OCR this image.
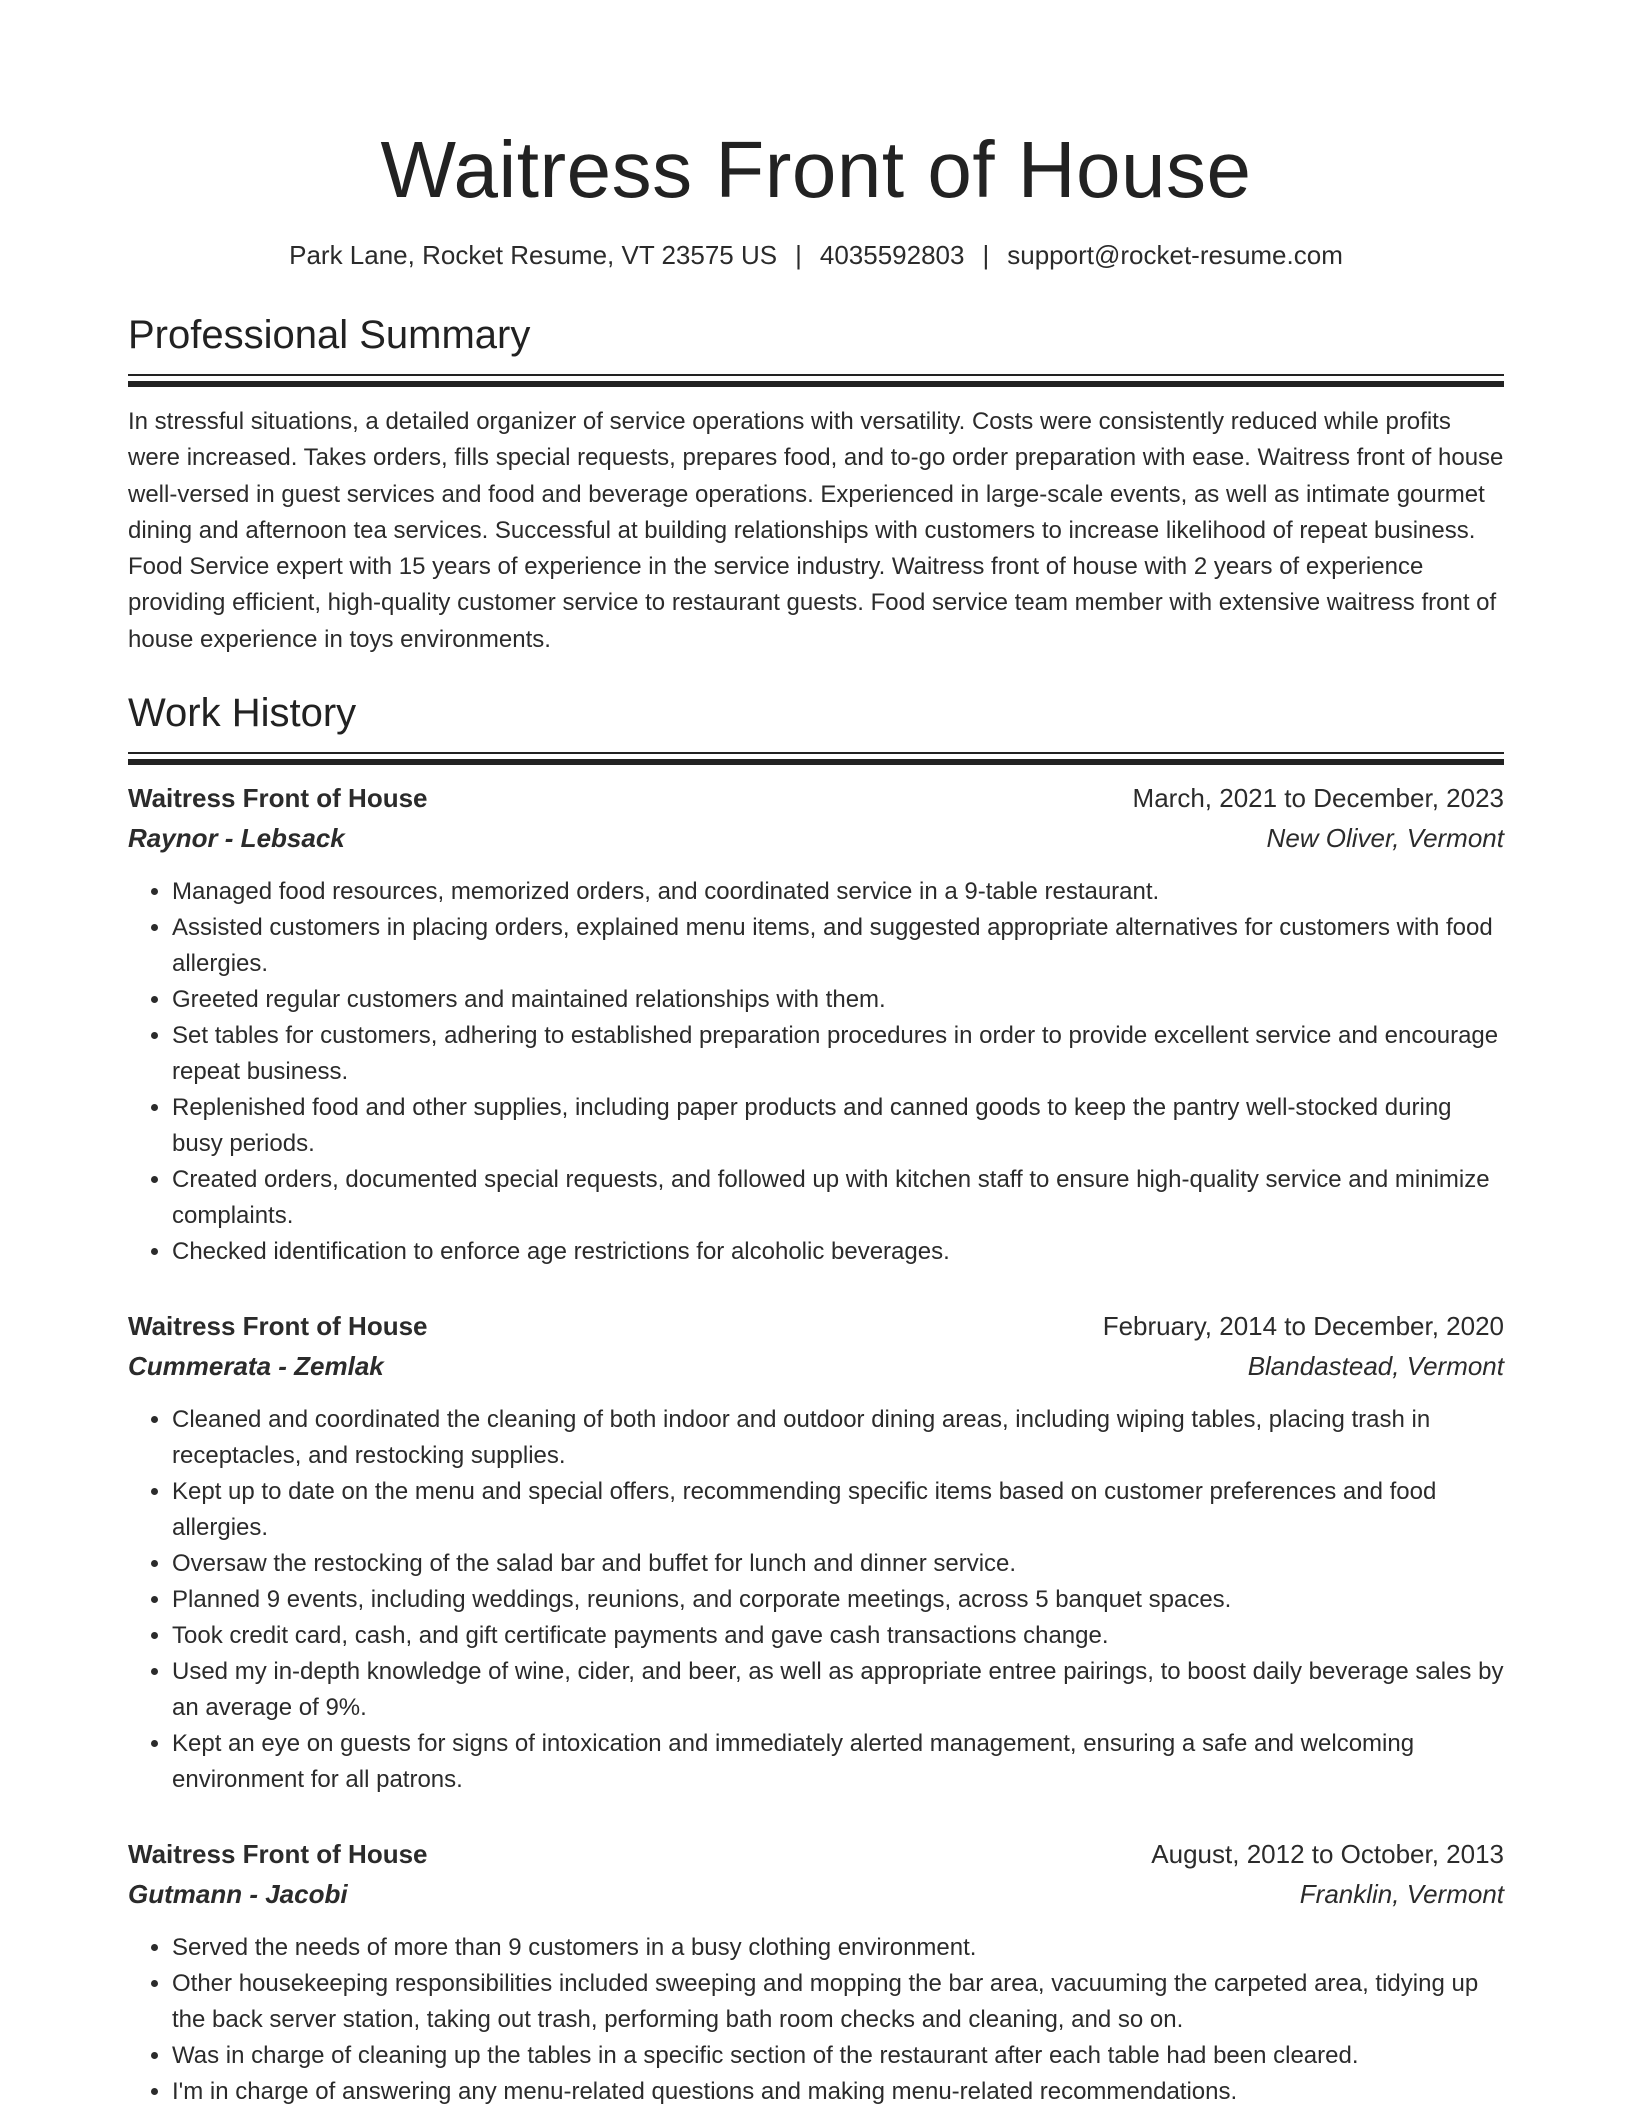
Waitress Front of House
Park Lane, Rocket Resume, VT 23575 US | 4035592803 | support@rocket-resume.com
Professional Summary

In stressful situations, a detailed organizer of service operations with versatility. Costs were consistently reduced while profits were increased. Takes orders, fills special requests, prepares food, and to-go order preparation with ease. Waitress front of house well-versed in guest services and food and beverage operations. Experienced in large-scale events, as well as intimate gourmet dining and afternoon tea services. Successful at building relationships with customers to increase likelihood of repeat business. Food Service expert with 15 years of experience in the service industry. Waitress front of house with 2 years of experience providing efficient, high-quality customer service to restaurant guests. Food service team member with extensive waitress front of house experience in toys environments.

Work History
Waitress Front of House	March, 2021 to December, 2023
Raynor - Lebsack	New Oliver, Vermont
• Managed food resources, memorized orders, and coordinated service in a 9-table restaurant.
• Assisted customers in placing orders, explained menu items, and suggested appropriate alternatives for customers with food allergies.
• Greeted regular customers and maintained relationships with them.
• Set tables for customers, adhering to established preparation procedures in order to provide excellent service and encourage repeat business.
• Replenished food and other supplies, including paper products and canned goods to keep the pantry well-stocked during busy periods.
• Created orders, documented special requests, and followed up with kitchen staff to ensure high-quality service and minimize complaints.
• Checked identification to enforce age restrictions for alcoholic beverages.
Waitress Front of House	February, 2014 to December, 2020
Cummerata - Zemlak	Blandastead, Vermont
• Cleaned and coordinated the cleaning of both indoor and outdoor dining areas, including wiping tables, placing trash in receptacles, and restocking supplies.
• Kept up to date on the menu and special offers, recommending specific items based on customer preferences and food allergies.
• Oversaw the restocking of the salad bar and buffet for lunch and dinner service.
• Planned 9 events, including weddings, reunions, and corporate meetings, across 5 banquet spaces.
• Took credit card, cash, and gift certificate payments and gave cash transactions change.
• Used my in-depth knowledge of wine, cider, and beer, as well as appropriate entree pairings, to boost daily beverage sales by an average of 9%.
• Kept an eye on guests for signs of intoxication and immediately alerted management, ensuring a safe and welcoming environment for all patrons.
Waitress Front of House	August, 2012 to October, 2013
Gutmann - Jacobi	Franklin, Vermont
• Served the needs of more than 9 customers in a busy clothing environment.
• Other housekeeping responsibilities included sweeping and mopping the bar area, vacuuming the carpeted area, tidying up the back server station, taking out trash, performing bath room checks and cleaning, and so on.
• Was in charge of cleaning up the tables in a specific section of the restaurant after each table had been cleared.
• I'm in charge of answering any menu-related questions and making menu-related recommendations.
